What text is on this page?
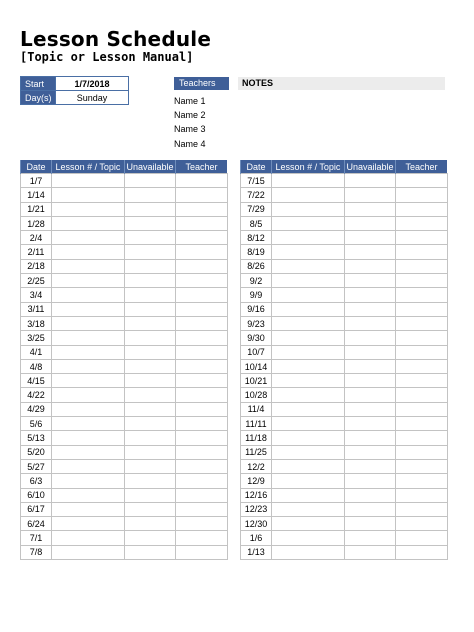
Lesson Schedule
[Topic or Lesson Manual]
Start	1/7/2018
Day(s)	Sunday
Teachers
Name 1
Name 2
Name 3
Name 4
NOTES
Date	Lesson # / Topic	Unavailable	Teacher
1/7			
1/14			
1/21			
1/28			
2/4			
2/11			
2/18			
2/25			
3/4			
3/11			
3/18			
3/25			
4/1			
4/8			
4/15			
4/22			
4/29			
5/6			
5/13			
5/20			
5/27			
6/3			
6/10			
6/17			
6/24			
7/1			
7/8			
Date	Lesson # / Topic	Unavailable	Teacher
7/15			
7/22			
7/29			
8/5			
8/12			
8/19			
8/26			
9/2			
9/9			
9/16			
9/23			
9/30			
10/7			
10/14			
10/21			
10/28			
11/4			
11/11			
11/18			
11/25			
12/2			
12/9			
12/16			
12/23			
12/30			
1/6			
1/13			
